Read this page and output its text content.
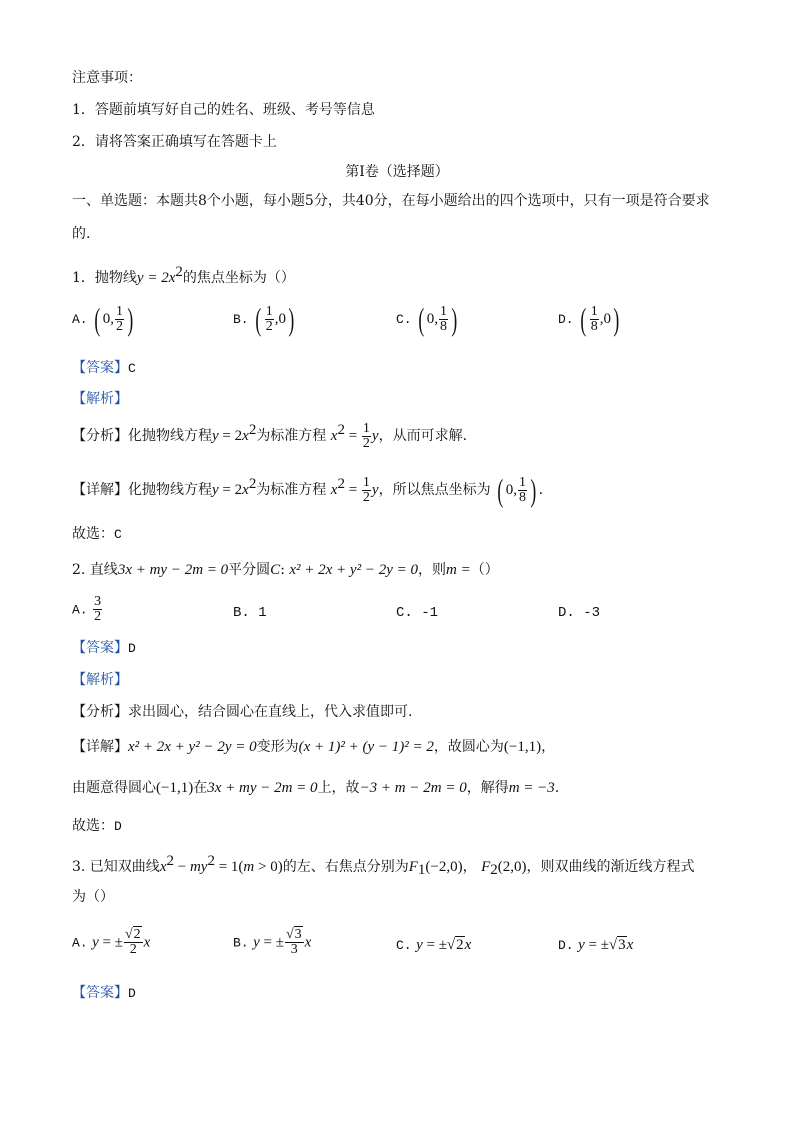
注意事项：
1．答题前填写好自己的姓名、班级、考号等信息
2．请将答案正确填写在答题卡上
第I卷（选择题）
一、单选题：本题共8个小题，每小题5分，共40分，在每小题给出的四个选项中，只有一项是符合要求
的.
1．抛物线$y = 2x^2$的焦点坐标为（）
A. ( 0, $\frac{1}{2}$ )	B. ( $\frac{1}{2} ,0$)	C. ( 0, $\frac{1}{8}$ )	D. ( $\frac{1}{8} ,0$)
【答案】C
【解析】
【分析】化抛物线方程$y = 2x^2$为标准方程 $x^2 = \frac{1}{2}$ y，从而可求解.
【详解】化抛物线方程$y = 2x^2$为标准方程 $x^2 = \frac{1}{2}$ y，所以焦点坐标为 ( 0, $\frac{1}{8}$ ) .
故选：C
2. 直线3x + my − 2m = 0平分圆C: x² + 2x + y² − 2y = 0，则m =（）
A. $\frac{3}{2}$	B. 1	C. -1	D. -3
【答案】D
【解析】
【分析】求出圆心，结合圆心在直线上，代入求值即可.
【详解】x² + 2x + y² − 2y = 0变形为(x + 1)² + (y − 1)² = 2，故圆心为(−1,1)，
由题意得圆心(−1,1)在3x + my − 2m = 0上，故−3 + m − 2m = 0，解得m = −3.
故选：D
3. 已知双曲线$x^2 - my^2 = 1(m > 0)$的左、右焦点分别为$F_1(-2,0)$， $F_2(2,0)$，则双曲线的渐近线方程式
为（）
A. y = ± $\frac{√2}{2}$ x	B. y = ± $\frac{√3}{3}$ x	C. y = ±√2x	D. y = ±√3x
【答案】D
